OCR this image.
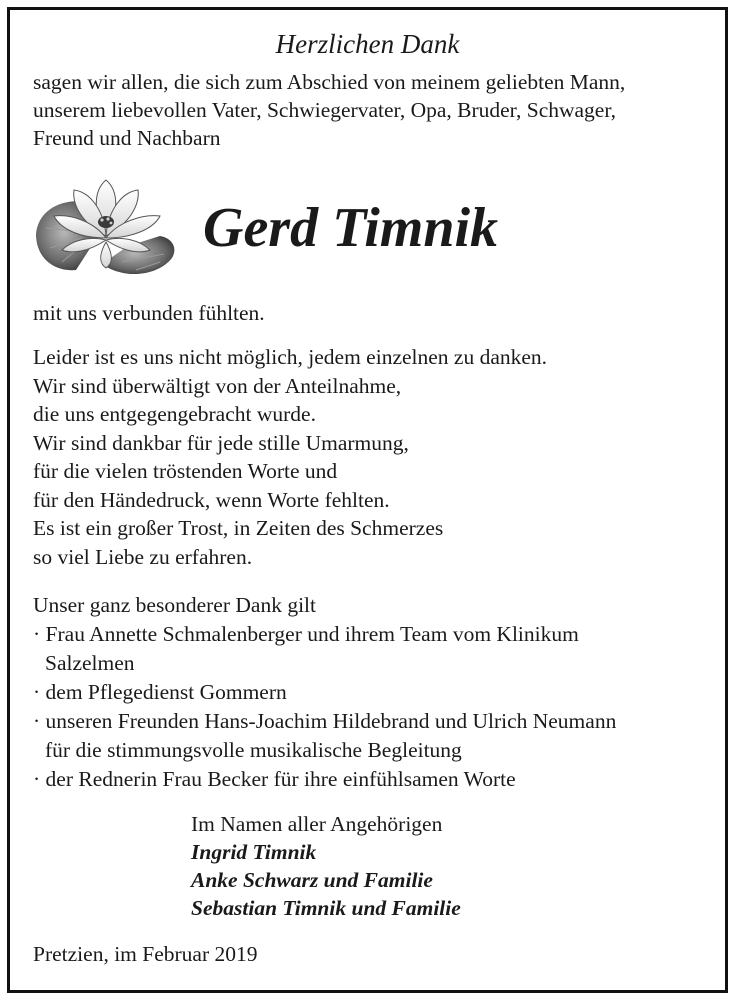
Herzlichen Dank
sagen wir allen, die sich zum Abschied von meinem geliebten Mann,
unserem liebevollen Vater, Schwiegervater, Opa, Bruder, Schwager,
Freund und Nachbarn
Gerd Timnik
mit uns verbunden fühlten.
Leider ist es uns nicht möglich, jedem einzelnen zu danken.
Wir sind überwältigt von der Anteilnahme,
die uns entgegengebracht wurde.
Wir sind dankbar für jede stille Umarmung,
für die vielen tröstenden Worte und
für den Händedruck, wenn Worte fehlten.
Es ist ein großer Trost, in Zeiten des Schmerzes
so viel Liebe zu erfahren.
Unser ganz besonderer Dank gilt
· Frau Annette Schmalenberger und ihrem Team vom Klinikum
Salzelmen
· dem Pflegedienst Gommern
· unseren Freunden Hans-Joachim Hildebrand und Ulrich Neumann
für die stimmungsvolle musikalische Begleitung
· der Rednerin Frau Becker für ihre einfühlsamen Worte
Im Namen aller Angehörigen
Ingrid Timnik
Anke Schwarz und Familie
Sebastian Timnik und Familie
Pretzien, im Februar 2019
